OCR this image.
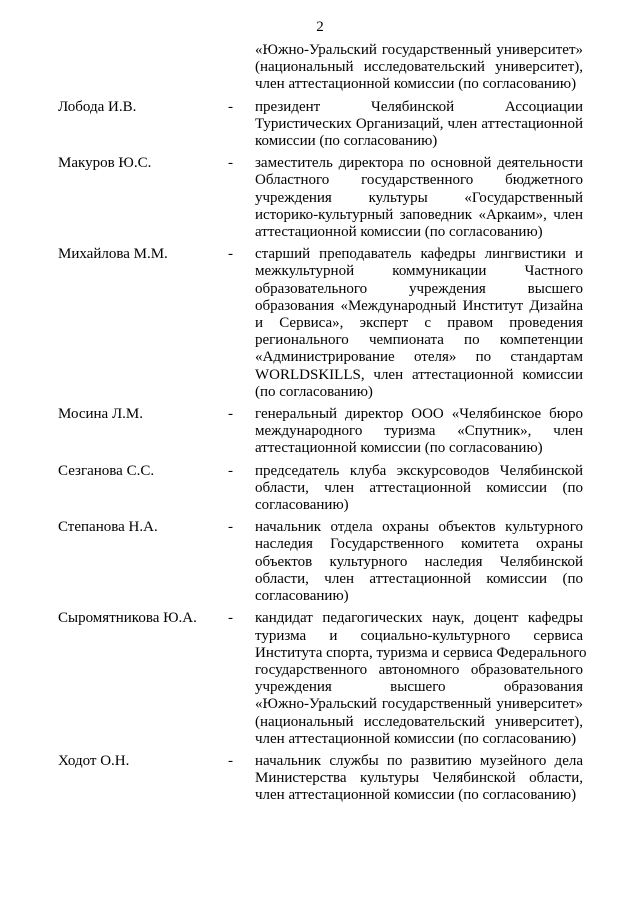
2
«Южно-Уральский государственный университет»
(национальный исследовательский университет),
член аттестационной комиссии (по согласованию)
Лобода И.В.	- президент Челябинской Ассоциации
Туристических Организаций, член аттестационной
комиссии (по согласованию)
Макуров Ю.С.	- заместитель директора по основной деятельности
Областного государственного бюджетного
учреждения культуры «Государственный
историко-культурный заповедник «Аркаим», член
аттестационной комиссии (по согласованию)
Михайлова М.М.	- старший преподаватель кафедры лингвистики и
межкультурной коммуникации Частного
образовательного учреждения высшего
образования «Международный Институт Дизайна
и Сервиса», эксперт с правом проведения
регионального чемпионата по компетенции
«Администрирование отеля» по стандартам
WORLDSKILLS, член аттестационной комиссии
(по согласованию)
Мосина Л.М.	- генеральный директор ООО «Челябинское бюро
международного туризма «Спутник», член
аттестационной комиссии (по согласованию)
Сезганова С.С.	- председатель клуба экскурсоводов Челябинской
области, член аттестационной комиссии (по
согласованию)
Степанова Н.А.	- начальник отдела охраны объектов культурного
наследия Государственного комитета охраны
объектов культурного наследия Челябинской
области, член аттестационной комиссии (по
согласованию)
Сыромятникова Ю.А. - кандидат педагогических наук, доцент кафедры
туризма и социально-культурного сервиса
Института спорта, туризма и сервиса Федерального
государственного автономного образовательного
учреждения высшего образования
«Южно-Уральский государственный университет»
(национальный исследовательский университет),
член аттестационной комиссии (по согласованию)
Ходот О.Н.	- начальник службы по развитию музейного дела
Министерства культуры Челябинской области,
член аттестационной комиссии (по согласованию)
